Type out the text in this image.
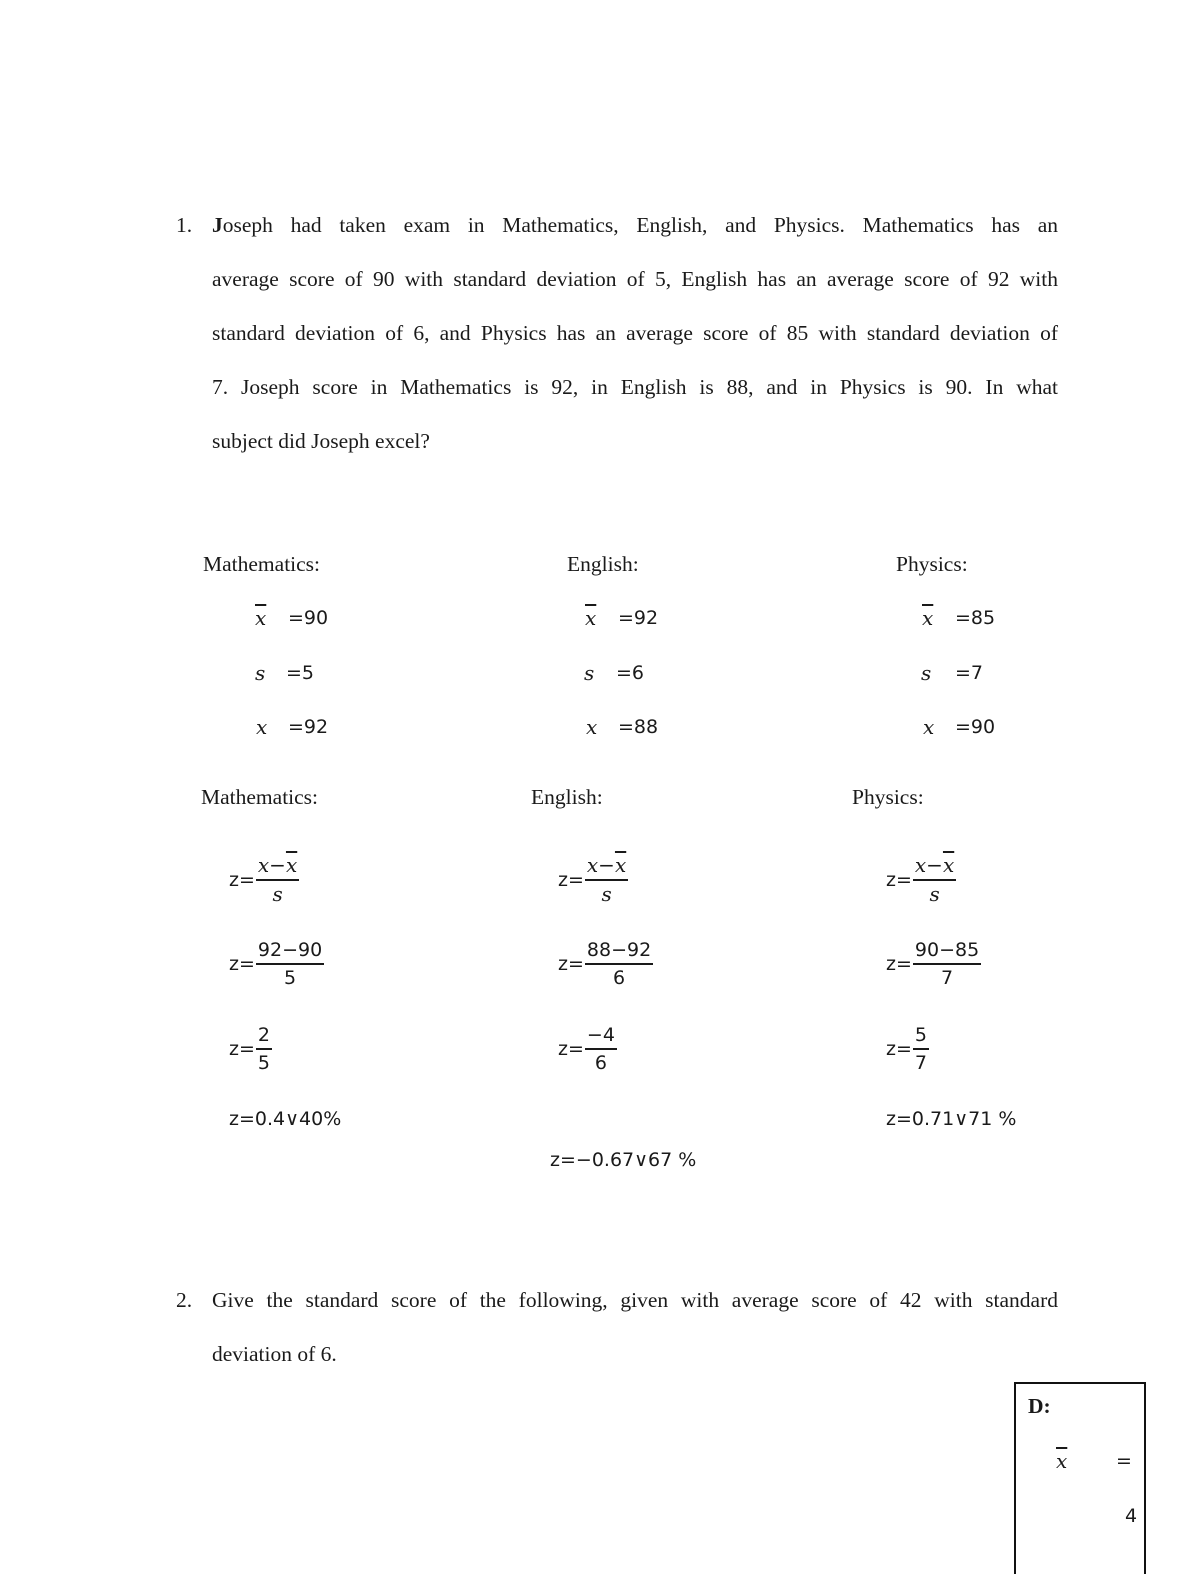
1. Joseph had taken exam in Mathematics, English, and Physics. Mathematics has an
average score of 90 with standard deviation of 5, English has an average score of 92 with
standard deviation of 6, and Physics has an average score of 85 with standard deviation of
7. Joseph score in Mathematics is 92, in English is 88, and in Physics is 90. In what
subject did Joseph excel?
Mathematics:
$\overline{x} =90$
s =5
x =92
English:
$\overline{x} =92$
s =6
x =88
Physics:
$\overline{x} =85$
s =7
x =90
Mathematics:
$z= \frac{x-\overline{x}}{s}$
$z= \frac{92-90}{5}$
$z= \frac{2}{5}$
z=0.4∨40%
English:
$z= \frac{x-\overline{x}}{s}$
$z= \frac{88-92}{6}$
$z= \frac{-4}{6}$
z=−0.67∨67 %
Physics:
$z= \frac{x-\overline{x}}{s}$
$z= \frac{90-85}{7}$
$z= \frac{5}{7}$
z=0.71∨71 %
2. Give the standard score of the following, given with average score of 42 with standard
deviation of 6.
D:
$\overline{x}$	=
4
